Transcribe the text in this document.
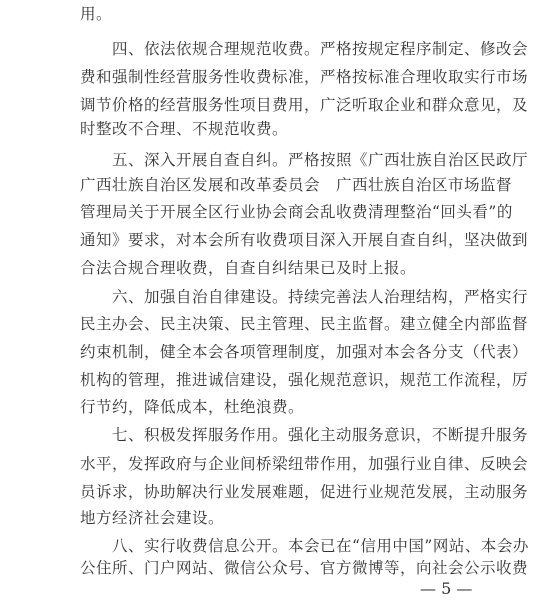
用。
四、依法依规合理规范收费。严格按规定程序制定、修改会
费和强制性经营服务性收费标准，严格按标准合理收取实行市场
调节价格的经营服务性项目费用，广泛听取企业和群众意见，及
时整改不合理、不规范收费。
五、深入开展自查自纠。严格按照《广西壮族自治区民政厅
广西壮族自治区发展和改革委员会　广西壮族自治区市场监督
管理局关于开展全区行业协会商会乱收费清理整治“回头看”的
通知》要求，对本会所有收费项目深入开展自查自纠，坚决做到
合法合规合理收费，自查自纠结果已及时上报。
六、加强自治自律建设。持续完善法人治理结构，严格实行
民主办会、民主决策、民主管理、民主监督。建立健全内部监督
约束机制，健全本会各项管理制度，加强对本会各分支（代表）
机构的管理，推进诚信建设，强化规范意识，规范工作流程，厉
行节约，降低成本，杜绝浪费。
七、积极发挥服务作用。强化主动服务意识，不断提升服务
水平，发挥政府与企业间桥梁纽带作用，加强行业自律、反映会
员诉求，协助解决行业发展难题，促进行业规范发展，主动服务
地方经济社会建设。
八、实行收费信息公开。本会已在“信用中国”网站、本会办
公住所、门户网站、微信公众号、官方微博等，向社会公示收费
— 5 —
